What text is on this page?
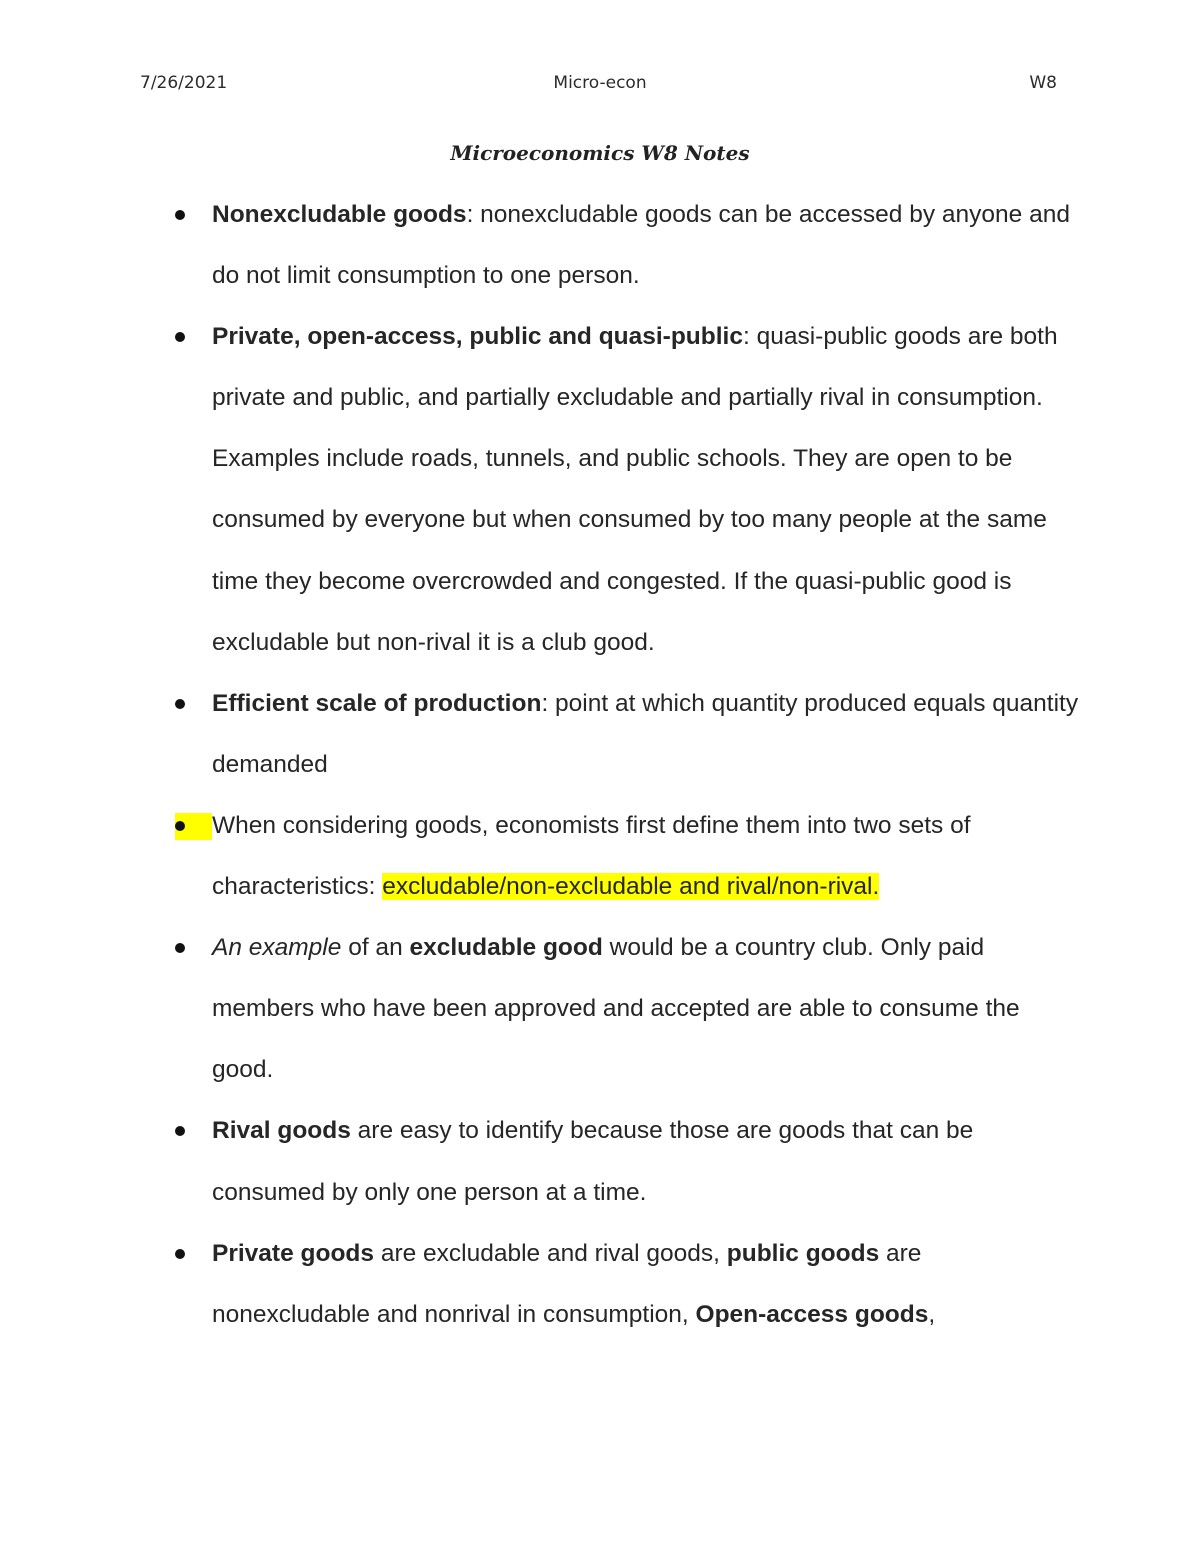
7/26/2021	Micro-econ	W8
Microeconomics W8 Notes
Nonexcludable goods: nonexcludable goods can be accessed by anyone and do not limit consumption to one person.
Private, open-access, public and quasi-public: quasi-public goods are both private and public, and partially excludable and partially rival in consumption. Examples include roads, tunnels, and public schools. They are open to be consumed by everyone but when consumed by too many people at the same time they become overcrowded and congested. If the quasi-public good is excludable but non-rival it is a club good.
Efficient scale of production: point at which quantity produced equals quantity demanded
When considering goods, economists first define them into two sets of characteristics: excludable/non-excludable and rival/non-rival.
An example of an excludable good would be a country club. Only paid members who have been approved and accepted are able to consume the good.
Rival goods are easy to identify because those are goods that can be consumed by only one person at a time.
Private goods are excludable and rival goods, public goods are nonexcludable and nonrival in consumption, Open-access goods,
